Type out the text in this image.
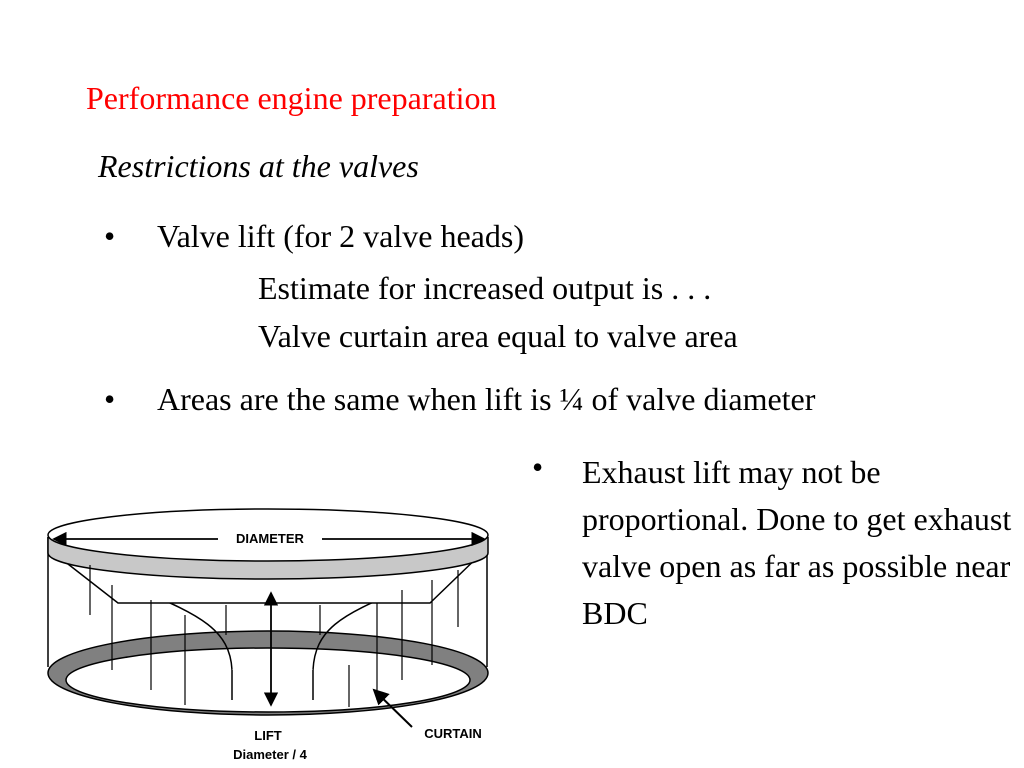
Performance engine preparation
Restrictions at the valves
• Valve lift (for 2 valve heads)
Estimate for increased output is . . .
Valve curtain area equal to valve area
• Areas are the same when lift is ¼ of valve diameter
• Exhaust lift may not be proportional. Done to get exhaust valve open as far as possible near BDC
DIAMETER
LIFT
Diameter / 4
CURTAIN
